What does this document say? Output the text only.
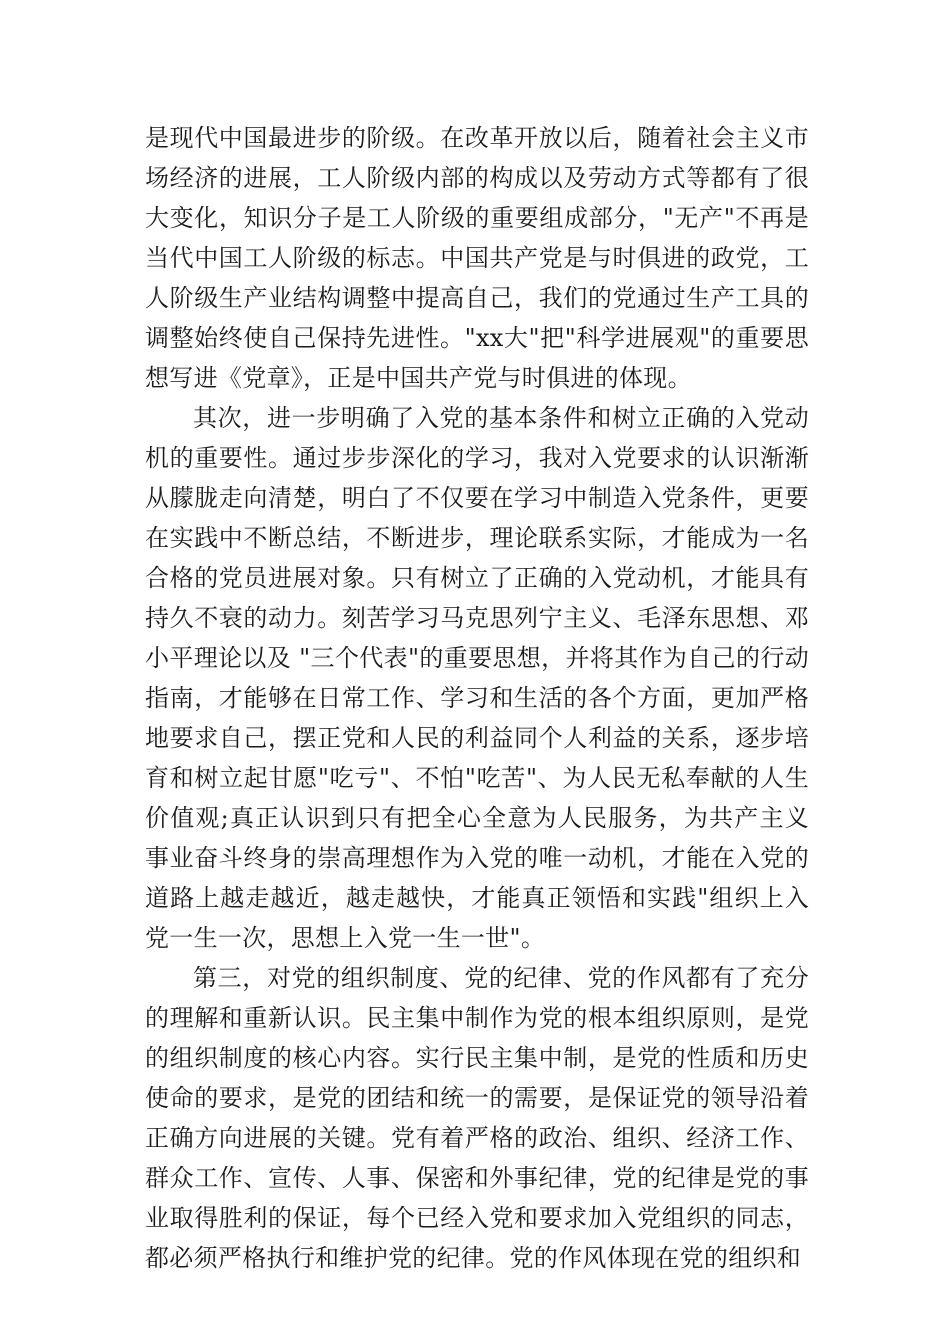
是现代中国最进步的阶级。在改革开放以后，随着社会主义市场经济的进展，工人阶级内部的构成以及劳动方式等都有了很大变化，知识分子是工人阶级的重要组成部分，"无产"不再是当代中国工人阶级的标志。中国共产党是与时俱进的政党，工人阶级生产业结构调整中提高自己，我们的党通过生产工具的调整始终使自己保持先进性。"xx大"把"科学进展观"的重要思想写进《党章》，正是中国共产党与时俱进的体现。

其次，进一步明确了入党的基本条件和树立正确的入党动机的重要性。通过步步深化的学习，我对入党要求的认识渐渐从朦胧走向清楚，明白了不仅要在学习中制造入党条件，更要在实践中不断总结，不断进步，理论联系实际，才能成为一名合格的党员进展对象。只有树立了正确的入党动机，才能具有持久不衰的动力。刻苦学习马克思列宁主义、毛泽东思想、邓小平理论以及 "三个代表"的重要思想，并将其作为自己的行动指南，才能够在日常工作、学习和生活的各个方面，更加严格地要求自己，摆正党和人民的利益同个人利益的关系，逐步培育和树立起甘愿"吃亏"、不怕"吃苦"、为人民无私奉献的人生价值观;真正认识到只有把全心全意为人民服务，为共产主义事业奋斗终身的崇高理想作为入党的唯一动机，才能在入党的道路上越走越近，越走越快，才能真正领悟和实践"组织上入党一生一次，思想上入党一生一世"。

第三，对党的组织制度、党的纪律、党的作风都有了充分的理解和重新认识。民主集中制作为党的根本组织原则，是党的组织制度的核心内容。实行民主集中制，是党的性质和历史使命的要求，是党的团结和统一的需要，是保证党的领导沿着正确方向进展的关键。党有着严格的政治、组织、经济工作、群众工作、宣传、人事、保密和外事纪律，党的纪律是党的事业取得胜利的保证，每个已经入党和要求加入党组织的同志，都必须严格执行和维护党的纪律。党的作风体现在党的组织和
